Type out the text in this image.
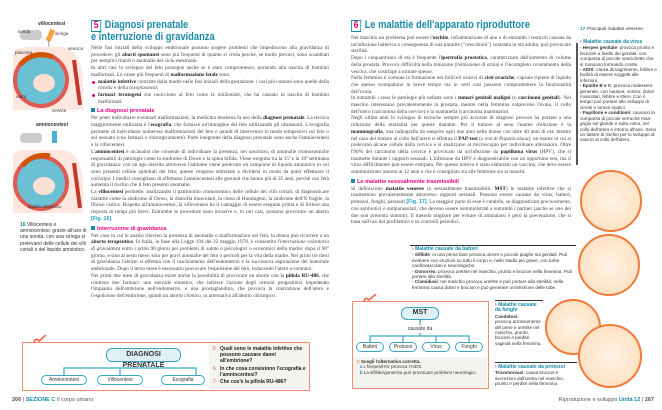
villocentesi
sonda	siringa
placenta
vescica
utero
cervice
amniocentesi
liquido amniotico
16 Villocentesi e amniocentesi: grazie all'uso di una sonda, con una siringa si prelevano delle cellule dei villi coriali o del liquido amniotico.
5 Diagnosi prenatale
e interruzione di gravidanza

Nelle fasi iniziali dello sviluppo embrionale possono sorgere problemi che impediscono alla gravidanza di procedere: gli aborti spontanei sono più frequenti di quanto si creda perché, se molto precoci, sono scambiati per semplici ritardi o anomalie del ciclo mestruale.

In altri casi lo sviluppo del feto prosegue anche se è stato compromesso, portando alla nascita di bambini malformati. Le cause più frequenti di malformazione fetale sono:

malattie infettive contratte dalla madre nelle fasi iniziali della gestazione; i casi più comuni sono quelle della rosolia e della toxoplasmosi;
farmaci teratogeni che nuocciono al feto come la talidomide, che ha causato la nascita di bambini malformati.
La diagnosi prenatale

Per poter individuare eventuali malformazioni, la medicina moderna fa uso della diagnosi prenatale. La tecnica maggiormente utilizzata è l'ecografia, che fornisce un'immagine del feto utilizzando gli ultrasuoni. L'ecografia permette di individuare numerose malformazioni del feto e quindi di intervenire in modo tempestivo sul feto o sul neonato (con farmaci o chirurgicamente). Parte integrante della diagnosi prenatale sono anche l'amniocentesi e la villocentesi.

L'amniocentesi è un'analisi che consente di individuare la presenza, nel nascituro, di anomalie cromosomiche responsabili di patologie come la sindrome di Down e la spina bifida. Viene eseguita tra la 15ª e la 18ª settimana di gravidanza: con un ago inserito attraverso l'addome viene prelevato un campione di liquido amniotico in cui sono presenti cellule epiteliali del feto; queste vengono stimolate a dividersi in modo da poter effettuare il cariotipo. I medici consigliano di effettuare l'amniocentesi alle gestanti che hanno più di 35 anni, perché con l'età aumenta il rischio che il feto presenti anomalie.

La villocentesi permette, analizzando il patrimonio cromosomico delle cellule dei villi coriali, di diagnosticare malattie come la sindrome di Down, la distrofia muscolare, la còrea di Huntington, la sindrome dell'X fragile, la fibrosi cistica. Rispetto all'amniocentesi, la villocentesi ha il vantaggio di essere eseguita prima e di fornire una risposta in tempi più brevi. Entrambe le procedure sono invasive e, in rari casi, possono provocare un aborto [Fig. 16].

Interruzione di gravidanza

Nel caso in cui le analisi rilevino la presenza di anomalie o malformazioni nel feto, la donna può ricorrere a un aborto terapeutico. In Italia, in base alla Legge 194 del 22 maggio 1978, è consentita l'interruzione volontaria di gravidanza entro i primi 90 giorni per problemi di salute o psicologici o economici della madre; dopo il 90° giorno, e sino al sesto mese, solo per gravi anomalie del feto o pericoli per la vita della madre. Nei primi tre mesi di gravidanza l'aborto si effettua con il raschiamento dell'endometrio e la successiva aspirazione del materiale embrionale. Dopo il terzo mese è necessario provocare l'espulsione del feto, inducendo l'utero a contrarsi.

Nei primi due mesi di gravidanza esiste anche la possibilità di provocare un aborto con la pillola RU-486, che contiene due farmaci: uno steroide sintetico, che inibisce l'azione degli ormoni progestinici impedendo l'impianto dell'embrione nell'endometrio, e una prostaglandina, che provoca la contrazione dell'utero e l'espulsione dell'embrione, quindi un aborto chimico, in alternativa all'aborto chirurgico.

DIAGNOSI PRENATALE
Amniocentesi	Villocentesi	Ecografia
5 Quali sono le malattie infettive che possono causare danni all'embrione?
6 In che cosa consistono l'ecografia e l'amniocentesi?
7 Che cos'è la pillola RU-486?
266 | SEZIONE C Il corpo umano
6 Le malattie dell'apparato riproduttore	17 Principali malattie veneree.

Nel maschio un problema può essere l'orchite, infiammazione di uno o di entrambi i testicoli causata da un'infezione batterica o conseguenza di una parotite ("orecchioni") contratta in età adulta: può provocare sterilità.

Dopo i cinquant'anni di età è frequente l'ipertrofia prostatica, caratterizzata dall'aumento di volume della prostata. Provoca difficoltà nella minzione (l'emissione di urina) e l'incompleto svuotamento della vescica, che costringe a urinare spesso.

Nella femmina è comune la formazione nei follicoli ovarici di cisti ovariche, capsule ripiene di liquido che spesso scompaiono in breve tempo ma in certi casi possono compromettere la funzionalità dell'ovaia.

In entrambi i sessi le patologie più nefaste sono i tumori genitali maligni (o carcinomi genitali). Nel maschio interessano prevalentemente la prostata, mentre nella femmina colpiscono l'ovaio, il collo dell'utero (carcinoma della cervice) e la mammella (carcinoma mammario).

Negli ultimi anni lo sviluppo di tecniche sempre più accurate di diagnosi precoce ha portato a una riduzione della mortalità per queste malattie. Per il tumore al seno l'esame d'elezione è la mammografia, una radiografia da eseguire ogni due anni nelle donne con oltre 40 anni di età, mentre nel caso del tumore al collo dell'utero si effettua il PAP-test (o test di Papanicolaou), un esame in cui si prelevano alcune cellule dalla cervice e si analizzano al microscopio per individuare alterazioni. Oltre l'90% dei carcinomi della cervice è provocato da un'infezione da papilloma virus (HPV), che si trasmette durante i rapporti sessuali. L'infezione da HPV è diagnosticabile con un opportuno test, ma il virus difficilmente può essere estirpato. Per questo motivo è stato elaborato un vaccino, che deve essere somministrato intorno ai 12 anni e che è consigliato sia alle femmine sia ai maschi.

Le malattie sessualmente trasmissibili

Si definiscono malattie veneree (o sessualmente trasmissibili, MST) le malattie infettive che si trasmettono prevalentemente attraverso rapporti sessuali. Possono essere causate da virus, batteri, protozoi, funghi, parassiti [Fig. 17]. La maggior parte di esse è curabile, se diagnosticata precocemente, con antibiotici o antiparassitari, che devono essere somministrati a entrambi i partner (anche se uno dei due non presenta sintomi). Il metodo migliore per evitare di ammalarsi è però la prevenzione, che si basa sull'uso del profilattico e su controlli periodici.

› Malattie causate da virus
- Herpes genitale: provoca prurito e bruciore a livello dei genitali, con comparsa di piccole vescichette che si rompono formando croste.
- AIDS: causa dimagrimento, febbre e facilità di essere soggetti alle infezioni.
- Epatite B e C: provoca malessere generale, con nausea, vomito, dolori muscolari, febbre e ittero. Con il tempo può portare allo sviluppo di cirrosi e tumori epatici.
- Papillomi e condilomi: causano la comparsa di piccole verruche rosa-grigio sul glande e sulla vulva, nel collo dell'utero e intorno all'ano. Sono un fattore di rischio per lo sviluppo di cancro al collo dell'utero.
› Malattie causate da batteri
- Sifilide: in una prima fase provoca ulcere o piccole piaghe sui genitali. Può evolvere con eruzioni su tutto il corpo e, nello stadio più grave, con turbe cardiovascolari e neurologiche.
- Gonorrea: provoca uretrite nel maschio, prurito e bruciori nella femmina. Può portare alla sterilità.
- Clamidiasi: nel maschio provoca uretrite e può portare alla sterilità; nella femmina causa dolori e bruciori e può generare un'infezione delle tube.
› Malattie causate da funghi
Candidosi:
provoca arrossamento del pene e uretrite nel maschio, prurito, bruciori e perdite vaginali nella femmina.
› Malattie causate da protozoi
Tricomoniasi: causa bruciori e secrezioni dall'uretra nel maschio, prurito e perdite nella femmina.
MST
causate da
Batteri	Protozoi	Virus	Funghi
8 Scegli l'alternativa corretta.
a L'herpes/HIV provoca l'AIDS.
b La sifilide/gonorrea può provocare problemi neurologici.
Riproduzione e sviluppo Unità 12 | 267
